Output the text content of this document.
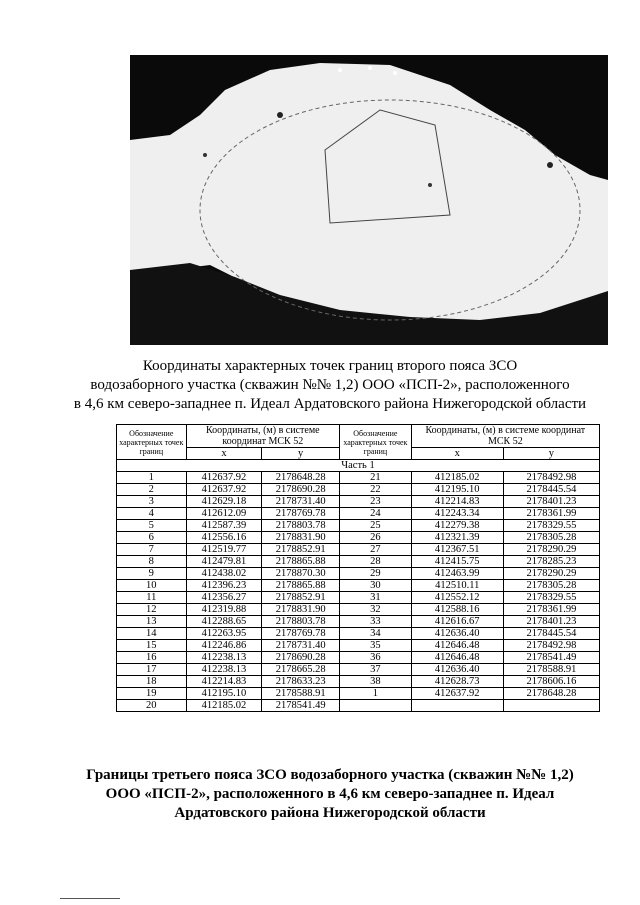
Координаты характерных точек границ второго пояса ЗСО
водозаборного участка (скважин №№ 1,2) ООО «ПСП-2», расположенного
в 4,6 км северо-западнее п. Идеал Ардатовского района Нижегородской области
Обозначение характерных точек границ	Координаты, (м) в системе координат МСК 52		Обозначение характерных точек границ	Координаты, (м) в системе координат МСК 52	
	x	y		x	y
Часть 1					
1	412637.92	2178648.28	21	412185.02	2178492.98
2	412637.92	2178690.28	22	412195.10	2178445.54
3	412629.18	2178731.40	23	412214.83	2178401.23
4	412612.09	2178769.78	24	412243.34	2178361.99
5	412587.39	2178803.78	25	412279.38	2178329.55
6	412556.16	2178831.90	26	412321.39	2178305.28
7	412519.77	2178852.91	27	412367.51	2178290.29
8	412479.81	2178865.88	28	412415.75	2178285.23
9	412438.02	2178870.30	29	412463.99	2178290.29
10	412396.23	2178865.88	30	412510.11	2178305.28
11	412356.27	2178852.91	31	412552.12	2178329.55
12	412319.88	2178831.90	32	412588.16	2178361.99
13	412288.65	2178803.78	33	412616.67	2178401.23
14	412263.95	2178769.78	34	412636.40	2178445.54
15	412246.86	2178731.40	35	412646.48	2178492.98
16	412238.13	2178690.28	36	412646.48	2178541.49
17	412238.13	2178665.28	37	412636.40	2178588.91
18	412214.83	2178633.23	38	412628.73	2178606.16
19	412195.10	2178588.91	1	412637.92	2178648.28
20	412185.02	2178541.49			
Границы третьего пояса ЗСО водозаборного участка (скважин №№ 1,2)
ООО «ПСП-2», расположенного в 4,6 км северо-западнее п. Идеал
Ардатовского района Нижегородской области
